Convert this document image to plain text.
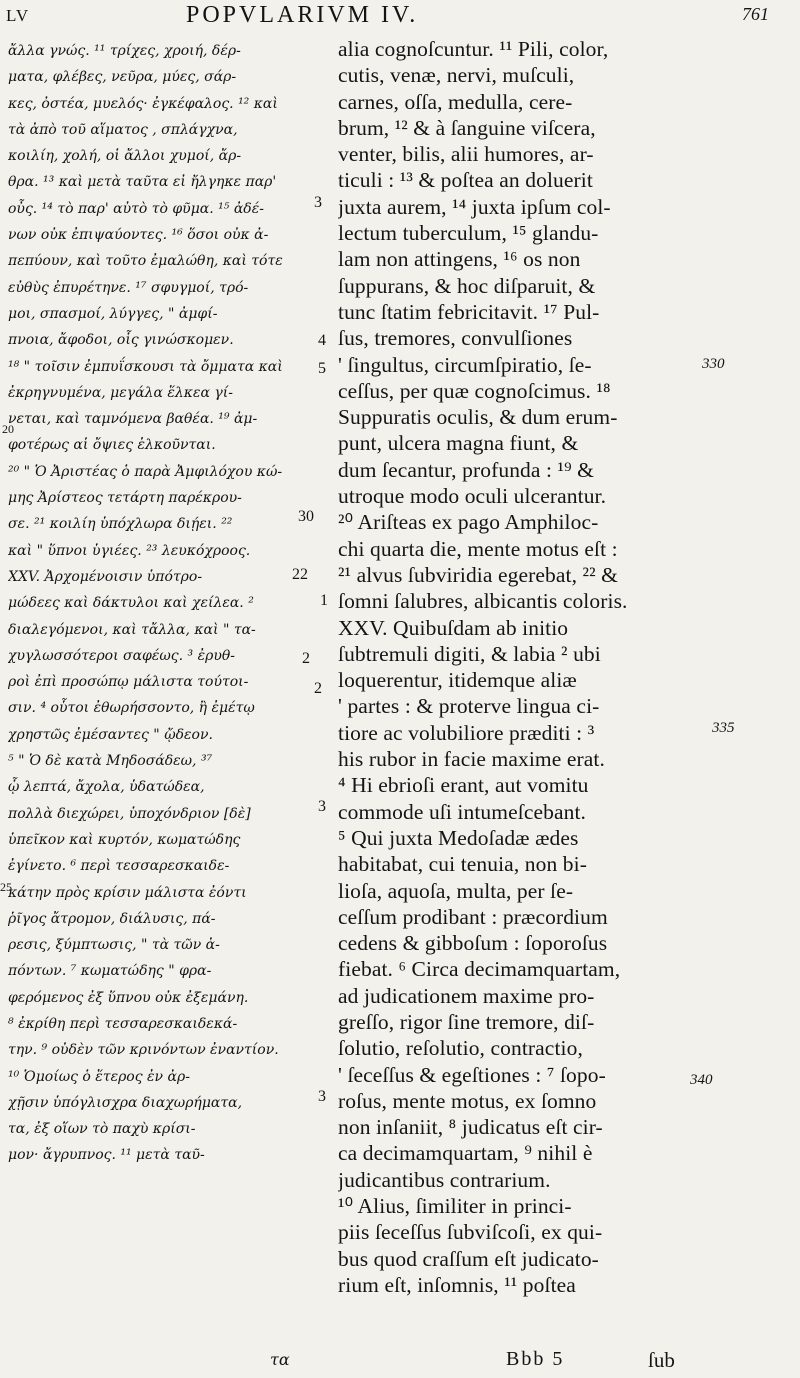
LV	POPVLARIVM IV.	761
ἄλλα γνώς. ¹¹ τρίχες, χροιή, δέρ-
ματα, φλέβες, νεῦρα, μύες, σάρ-
κες, ὀστέα, μυελός· ἐγκέφαλος. ¹² καὶ
τὰ ἀπὸ τοῦ αἵματος , σπλάγχνα,
κοιλίη, χολή, οἱ ἄλλοι χυμοί, ἄρ-
θρα. ¹³ καὶ μετὰ ταῦτα εἰ ἤλγηκε παρ'
οὖς. ¹⁴ τὸ παρ' αὐτὸ τὸ φῦμα. ¹⁵ ἀδέ-
νων οὐκ ἐπιψαύοντες. ¹⁶ ὅσοι οὐκ ἀ-
πεπύουν, καὶ τοῦτο ἐμαλώθη, καὶ τότε
εὐθὺς ἐπυρέτηνε. ¹⁷ σφυγμοί, τρό-
μοι, σπασμοί, λύγγες, " ἀμφί-
πνοια, ἄφοδοι, οἷς γινώσκομεν.
¹⁸ " τοῖσιν ἐμπυΐσκουσι τὰ ὄμματα καὶ
ἐκρηγνυμένα, μεγάλα ἕλκεα γί-
νεται, καὶ ταμνόμενα βαθέα. ¹⁹ ἀμ-
φοτέρως αἱ ὄψιες ἑλκοῦνται.
²⁰ " Ὁ Ἀριστέας ὁ παρὰ Ἀμφιλόχου κώ-
μης Ἀρίστεος τετάρτη παρέκρου-
σε. ²¹ κοιλίη ὑπόχλωρα διῄει. ²²
καὶ " ὕπνοι ὑγιέες. ²³ λευκόχροος.
XXV. Ἀρχομένοισιν ὑπότρο-
μώδεες καὶ δάκτυλοι καὶ χείλεα. ²
διαλεγόμενοι, καὶ τἄλλα, καὶ " τα-
χυγλωσσότεροι σαφέως. ³ ἐρυθ-
ροὶ ἐπὶ προσώπῳ μάλιστα τούτοι-
σιν. ⁴ οὗτοι ἐθωρήσσοντο, ἢ ἐμέτῳ
χρηστῶς ἐμέσαντες " ᾤδεον.
⁵ " Ὁ δὲ κατὰ Μηδοσάδεω, ³⁷
ᾧ λεπτά, ἄχολα, ὑδατώδεα,
πολλὰ διεχώρει, ὑποχόνδριον [δὲ]
ὑπεῖκον καὶ κυρτόν, κωματώδης
ἐγίνετο. ⁶ περὶ τεσσαρεσκαιδε-
κάτην πρὸς κρίσιν μάλιστα ἐόντι
ῥῖγος ἄτρομον, διάλυσις, πά-
ρεσις, ξύμπτωσις, " τὰ τῶν ἀ-
πόντων. ⁷ κωματώδης " φρα-
φερόμενος ἐξ ὕπνου οὐκ ἐξεμάνη.
⁸ ἐκρίθη περὶ τεσσαρεσκαιδεκά-
την. ⁹ οὐδὲν τῶν κρινόντων ἐναντίον.
¹⁰ Ὁμοίως ὁ ἕτερος ἐν ἀρ-
χῇσιν ὑπόγλισχρα διαχωρήματα,
τα, ἐξ οἵων τὸ παχὺ κρίσι-
μον· ἄγρυπνος. ¹¹ μετὰ ταῦ-
alia cognoſcuntur. ¹¹ Pili, color,
cutis, venæ, nervi, muſculi,
carnes, oſſa, medulla, cere-
brum, ¹² & à ſanguine viſcera,
venter, bilis, alii humores, ar-
ticuli : ¹³ & poſtea an doluerit
juxta aurem, ¹⁴ juxta ipſum col-
lectum tuberculum, ¹⁵ glandu-
lam non attingens, ¹⁶ os non
ſuppurans, & hoc diſparuit, &
tunc ſtatim febricitavit. ¹⁷ Pul-
ſus, tremores, convulſiones
' ſingultus, circumſpiratio, ſe-
ceſſus, per quæ cognoſcimus. ¹⁸
Suppuratis oculis, & dum erum-
punt, ulcera magna fiunt, &
dum ſecantur, profunda : ¹⁹ &
utroque modo oculi ulcerantur.
²⁰ Ariſteas ex pago Amphiloc-
chi quarta die, mente motus eſt :
²¹ alvus ſubviridia egerebat, ²² &
ſomni ſalubres, albicantis coloris.
XXV. Quibuſdam ab initio
ſubtremuli digiti, & labia ² ubi
loquerentur, itidemque aliæ
' partes : & proterve lingua ci-
tiore ac volubiliore præditi : ³
his rubor in facie maxime erat.
⁴ Hi ebrioſi erant, aut vomitu
commode uſi intumeſcebant.
⁵ Qui juxta Medoſadæ ædes
habitabat, cui tenuia, non bi-
lioſa, aquoſa, multa, per ſe-
ceſſum prodibant : præcordium
cedens & gibboſum : ſoporoſus
fiebat. ⁶ Circa decimamquartam,
ad judicationem maxime pro-
greſſo, rigor ſine tremore, diſ-
ſolutio, reſolutio, contractio,
' ſeceſſus & egeſtiones : ⁷ ſopo-
roſus, mente motus, ex ſomno
non inſaniit, ⁸ judicatus eſt cir-
ca decimamquartam, ⁹ nihil è
judicantibus contrarium.
¹⁰ Alius, ſimiliter in princi-
piis ſeceſſus ſubviſcoſi, ex qui-
bus quod craſſum eſt judicato-
rium eſt, inſomnis, ¹¹ poſtea
330
335
340
3
4
5
20
30
22
1
2
2
3
25
3
τα	Bbb 5	ſub
